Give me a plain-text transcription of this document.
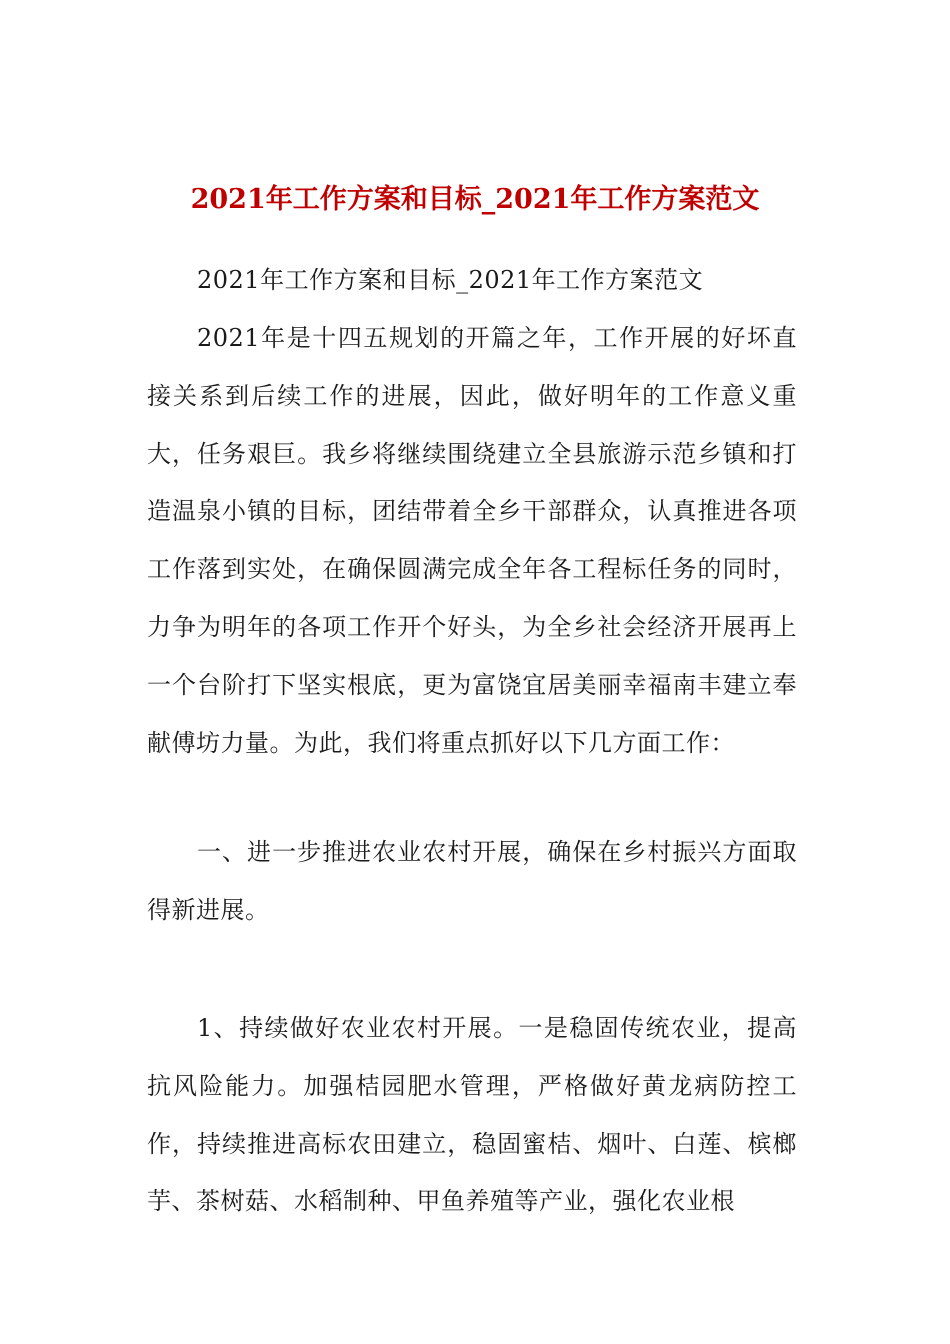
2021年工作方案和目标_2021年工作方案范文

2021年工作方案和目标_2021年工作方案范文

2021年是十四五规划的开篇之年，工作开展的好坏直接关系到后续工作的进展，因此，做好明年的工作意义重大，任务艰巨。我乡将继续围绕建立全县旅游示范乡镇和打造温泉小镇的目标，团结带着全乡干部群众，认真推进各项工作落到实处，在确保圆满完成全年各工程标任务的同时，力争为明年的各项工作开个好头，为全乡社会经济开展再上一个台阶打下坚实根底，更为富饶宜居美丽幸福南丰建立奉献傅坊力量。为此，我们将重点抓好以下几方面工作：

一、进一步推进农业农村开展，确保在乡村振兴方面取得新进展。

1、持续做好农业农村开展。一是稳固传统农业，提高抗风险能力。加强桔园肥水管理，严格做好黄龙病防控工作，持续推进高标农田建立，稳固蜜桔、烟叶、白莲、槟榔芋、茶树菇、水稻制种、甲鱼养殖等产业，强化农业根
